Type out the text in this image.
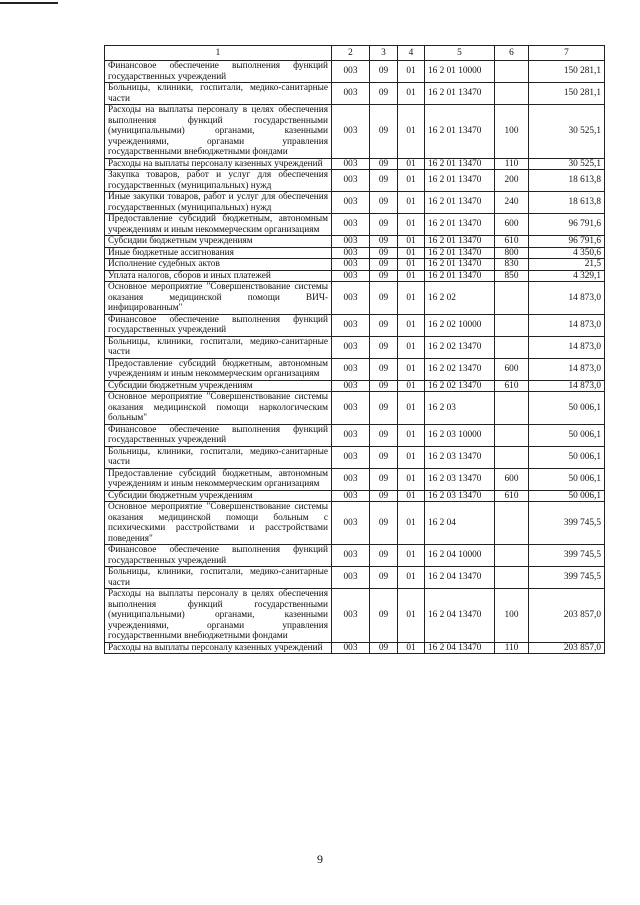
1	2	3	4	5	6	7
Финансовое обеспечение выполнения функций государственных учреждений	003	09	01	16 2 01 10000		150 281,1
Больницы, клиники, госпитали, медико-санитарные части	003	09	01	16 2 01 13470		150 281,1
Расходы на выплаты персоналу в целях обеспечения выполнения функций государственными (муниципальными) органами, казенными учреждениями, органами управления государственными внебюджетными фондами	003	09	01	16 2 01 13470	100	30 525,1
Расходы на выплаты персоналу казенных учреждений	003	09	01	16 2 01 13470	110	30 525,1
Закупка товаров, работ и услуг для обеспечения государственных (муниципальных) нужд	003	09	01	16 2 01 13470	200	18 613,8
Иные закупки товаров, работ и услуг для обеспечения государственных (муниципальных) нужд	003	09	01	16 2 01 13470	240	18 613,8
Предоставление субсидий бюджетным, автономным учреждениям и иным некоммерческим организациям	003	09	01	16 2 01 13470	600	96 791,6
Субсидии бюджетным учреждениям	003	09	01	16 2 01 13470	610	96 791,6
Иные бюджетные ассигнования	003	09	01	16 2 01 13470	800	4 350,6
Исполнение судебных актов	003	09	01	16 2 01 13470	830	21,5
Уплата налогов, сборов и иных платежей	003	09	01	16 2 01 13470	850	4 329,1
Основное мероприятие "Совершенствование системы оказания медицинской помощи ВИЧ-инфицированным"	003	09	01	16 2 02		14 873,0
Финансовое обеспечение выполнения функций государственных учреждений	003	09	01	16 2 02 10000		14 873,0
Больницы, клиники, госпитали, медико-санитарные части	003	09	01	16 2 02 13470		14 873,0
Предоставление субсидий бюджетным, автономным учреждениям и иным некоммерческим организациям	003	09	01	16 2 02 13470	600	14 873,0
Субсидии бюджетным учреждениям	003	09	01	16 2 02 13470	610	14 873,0
Основное мероприятие "Совершенствование системы оказания медицинской помощи наркологическим больным"	003	09	01	16 2 03		50 006,1
Финансовое обеспечение выполнения функций государственных учреждений	003	09	01	16 2 03 10000		50 006,1
Больницы, клиники, госпитали, медико-санитарные части	003	09	01	16 2 03 13470		50 006,1
Предоставление субсидий бюджетным, автономным учреждениям и иным некоммерческим организациям	003	09	01	16 2 03 13470	600	50 006,1
Субсидии бюджетным учреждениям	003	09	01	16 2 03 13470	610	50 006,1
Основное мероприятие "Совершенствование системы оказания медицинской помощи больным с психическими расстройствами и расстройствами поведения"	003	09	01	16 2 04		399 745,5
Финансовое обеспечение выполнения функций государственных учреждений	003	09	01	16 2 04 10000		399 745,5
Больницы, клиники, госпитали, медико-санитарные части	003	09	01	16 2 04 13470		399 745,5
Расходы на выплаты персоналу в целях обеспечения выполнения функций государственными (муниципальными) органами, казенными учреждениями, органами управления государственными внебюджетными фондами	003	09	01	16 2 04 13470	100	203 857,0
Расходы на выплаты персоналу казенных учреждений	003	09	01	16 2 04 13470	110	203 857,0
9
